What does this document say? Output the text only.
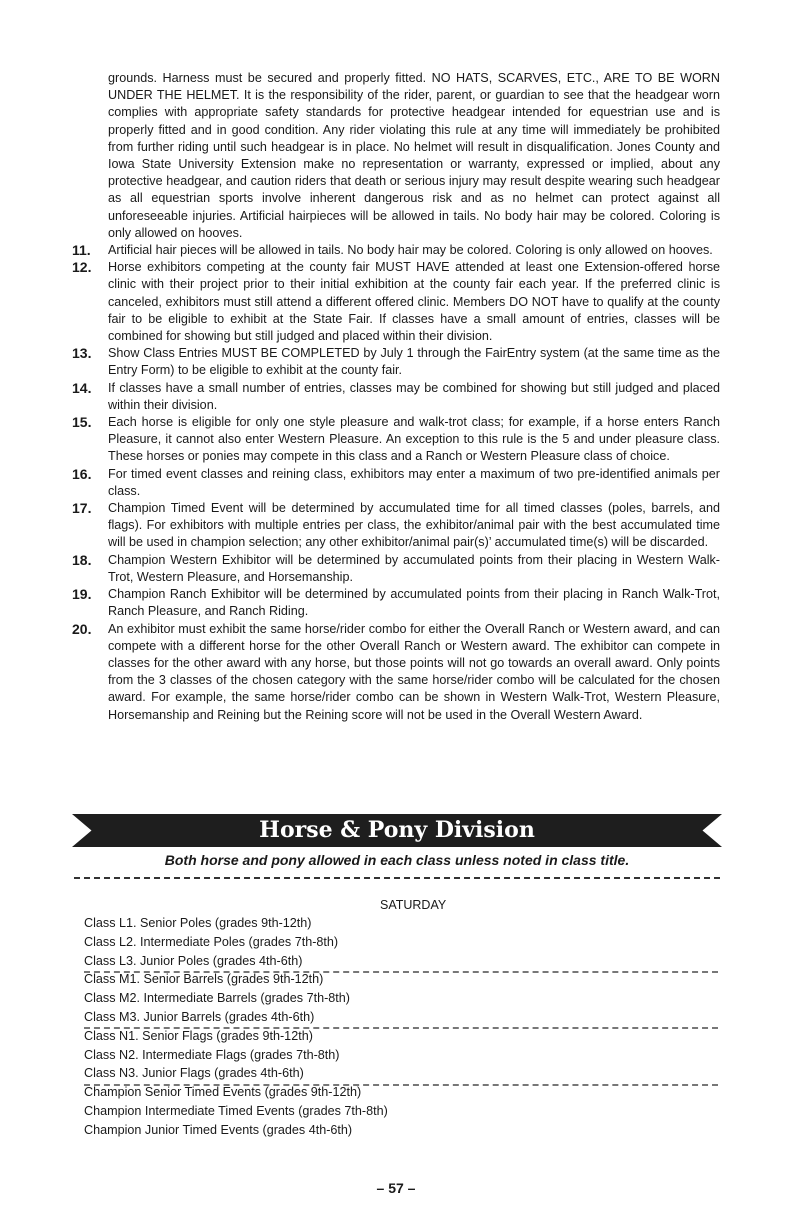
grounds. Harness must be secured and properly fitted. NO HATS, SCARVES, ETC., ARE TO BE WORN UNDER THE HELMET. It is the responsibility of the rider, parent, or guardian to see that the headgear worn complies with appropriate safety standards for protective headgear intended for equestrian use and is properly fitted and in good condition. Any rider violating this rule at any time will immediately be prohibited from further riding until such headgear is in place. No helmet will result in disqualification. Jones County and Iowa State University Extension make no representation or warranty, expressed or implied, about any protective headgear, and caution riders that death or serious injury may result despite wearing such headgear as all equestrian sports involve inherent dangerous risk and as no helmet can protect against all unforeseeable injuries. Artificial hairpieces will be allowed in tails. No body hair may be colored. Coloring is only allowed on hooves.
11.	Artificial hair pieces will be allowed in tails. No body hair may be colored. Coloring is only allowed on hooves.
12.	Horse exhibitors competing at the county fair MUST HAVE attended at least one Extension-offered horse clinic with their project prior to their initial exhibition at the county fair each year. If the preferred clinic is canceled, exhibitors must still attend a different offered clinic. Members DO NOT have to qualify at the county fair to be eligible to exhibit at the State Fair. If classes have a small amount of entries, classes will be combined for showing but still judged and placed within their division.
13.	Show Class Entries MUST BE COMPLETED by July 1 through the FairEntry system (at the same time as the Entry Form) to be eligible to exhibit at the county fair.
14.	If classes have a small number of entries, classes may be combined for showing but still judged and placed within their division.
15.	Each horse is eligible for only one style pleasure and walk-trot class; for example, if a horse enters Ranch Pleasure, it cannot also enter Western Pleasure. An exception to this rule is the 5 and under pleasure class. These horses or ponies may compete in this class and a Ranch or Western Pleasure class of choice.
16.	For timed event classes and reining class, exhibitors may enter a maximum of two pre-identified animals per class.
17.	Champion Timed Event will be determined by accumulated time for all timed classes (poles, barrels, and flags). For exhibitors with multiple entries per class, the exhibitor/animal pair with the best accumulated time will be used in champion selection; any other exhibitor/animal pair(s)’ accumulated time(s) will be discarded.
18.	Champion Western Exhibitor will be determined by accumulated points from their placing in Western Walk-Trot, Western Pleasure, and Horsemanship.
19.	Champion Ranch Exhibitor will be determined by accumulated points from their placing in Ranch Walk-Trot, Ranch Pleasure, and Ranch Riding.
20.	An exhibitor must exhibit the same horse/rider combo for either the Overall Ranch or Western award, and can compete with a different horse for the other Overall Ranch or Western award. The exhibitor can compete in classes for the other award with any horse, but those points will not go towards an overall award. Only points from the 3 classes of the chosen category with the same horse/rider combo will be calculated for the chosen award. For example, the same horse/rider combo can be shown in Western Walk-Trot, Western Pleasure, Horsemanship and Reining but the Reining score will not be used in the Overall Western Award.
Horse & Pony Division
Both horse and pony allowed in each class unless noted in class title.
SATURDAY
Class L1. Senior Poles (grades 9th-12th)
Class L2. Intermediate Poles (grades 7th-8th)
Class L3. Junior Poles (grades 4th-6th)
Class M1. Senior Barrels (grades 9th-12th)
Class M2. Intermediate Barrels (grades 7th-8th)
Class M3. Junior Barrels (grades 4th-6th)
Class N1. Senior Flags (grades 9th-12th)
Class N2. Intermediate Flags (grades 7th-8th)
Class N3. Junior Flags (grades 4th-6th)
Champion Senior Timed Events (grades 9th-12th)
Champion Intermediate Timed Events (grades 7th-8th)
Champion Junior Timed Events (grades 4th-6th)
– 57 –
